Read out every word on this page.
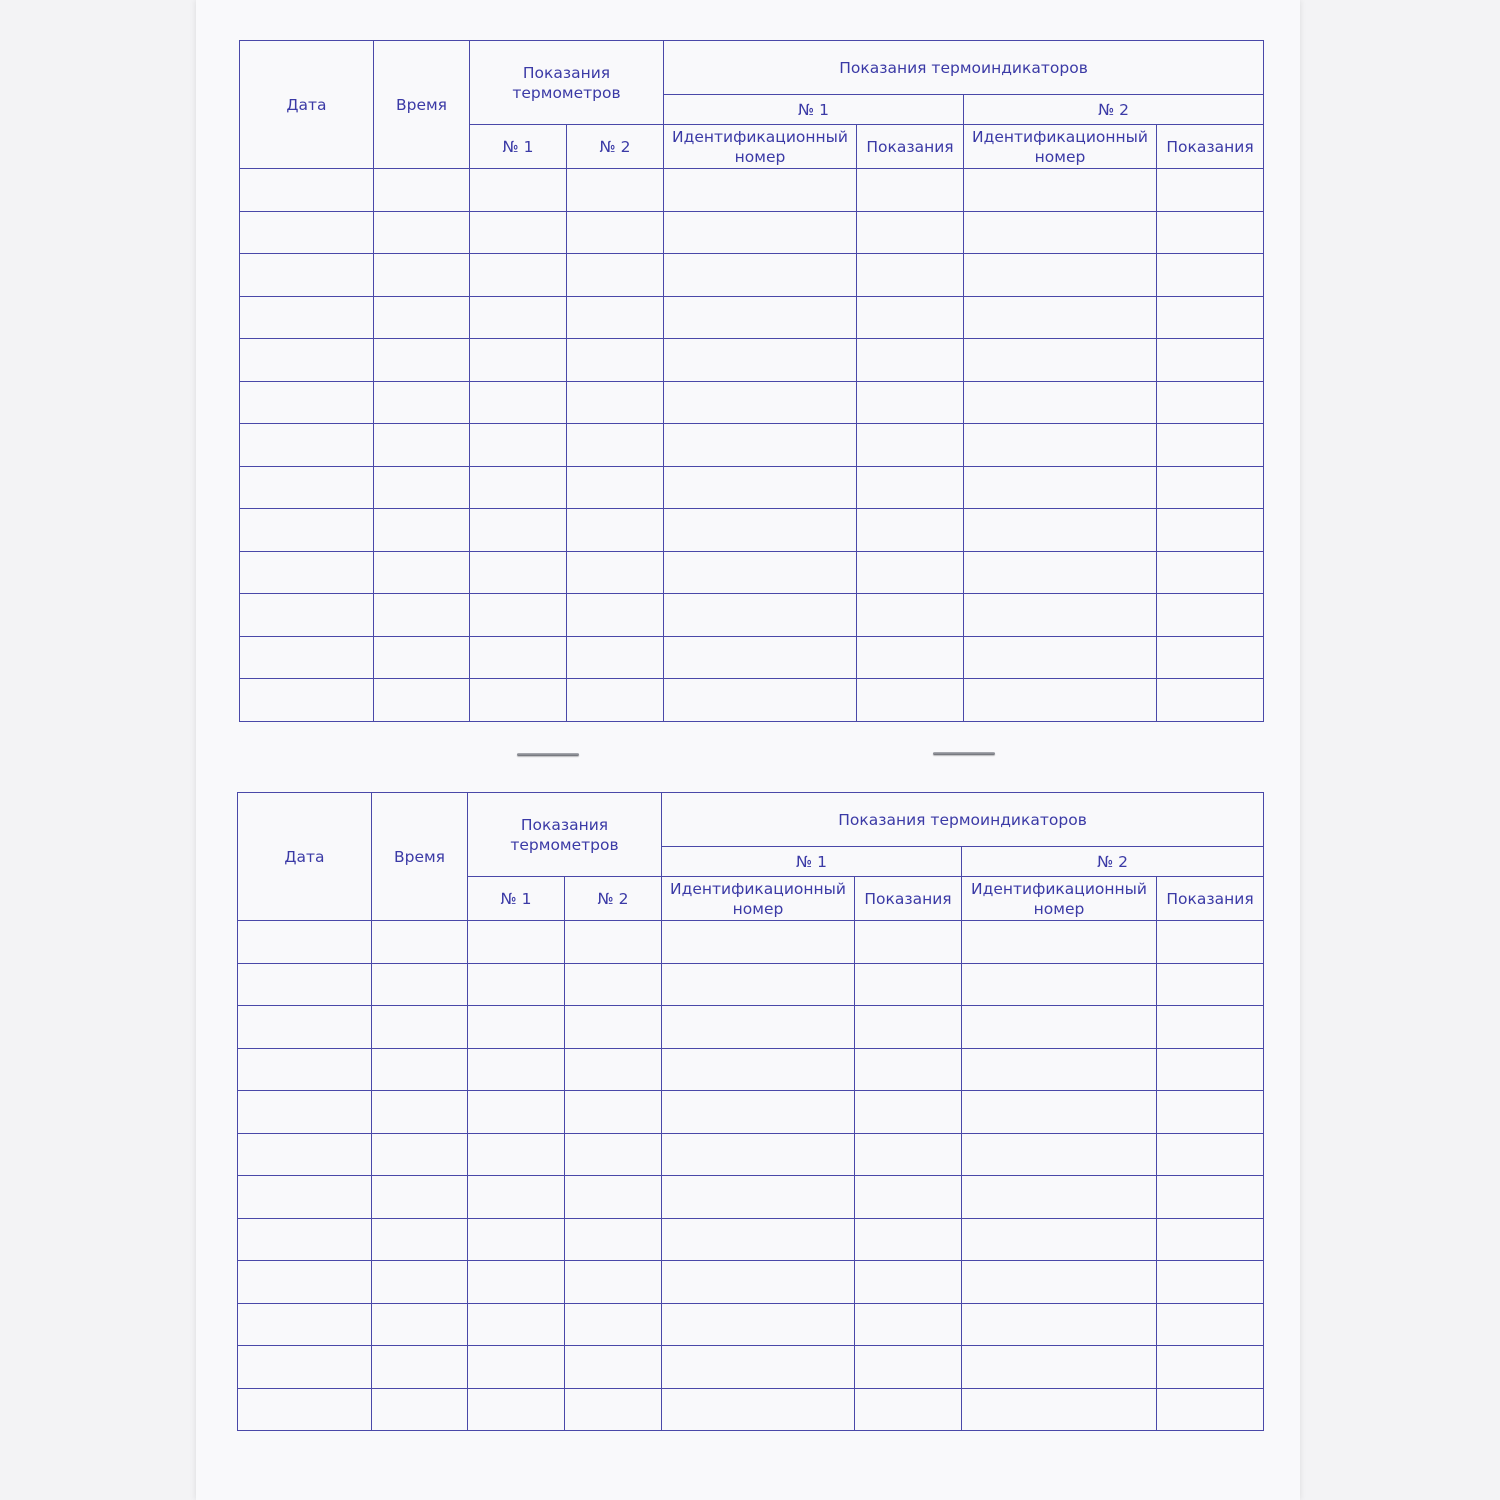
Дата	Время	Показания термометров		Показания термоиндикаторов			
				№ 1		№ 2	
		№ 1	№ 2	Идентификационный номер	Показания	Идентификационный номер	Показания

Дата	Время	Показания термометров		Показания термоиндикаторов			
				№ 1		№ 2	
		№ 1	№ 2	Идентификационный номер	Показания	Идентификационный номер	Показания
